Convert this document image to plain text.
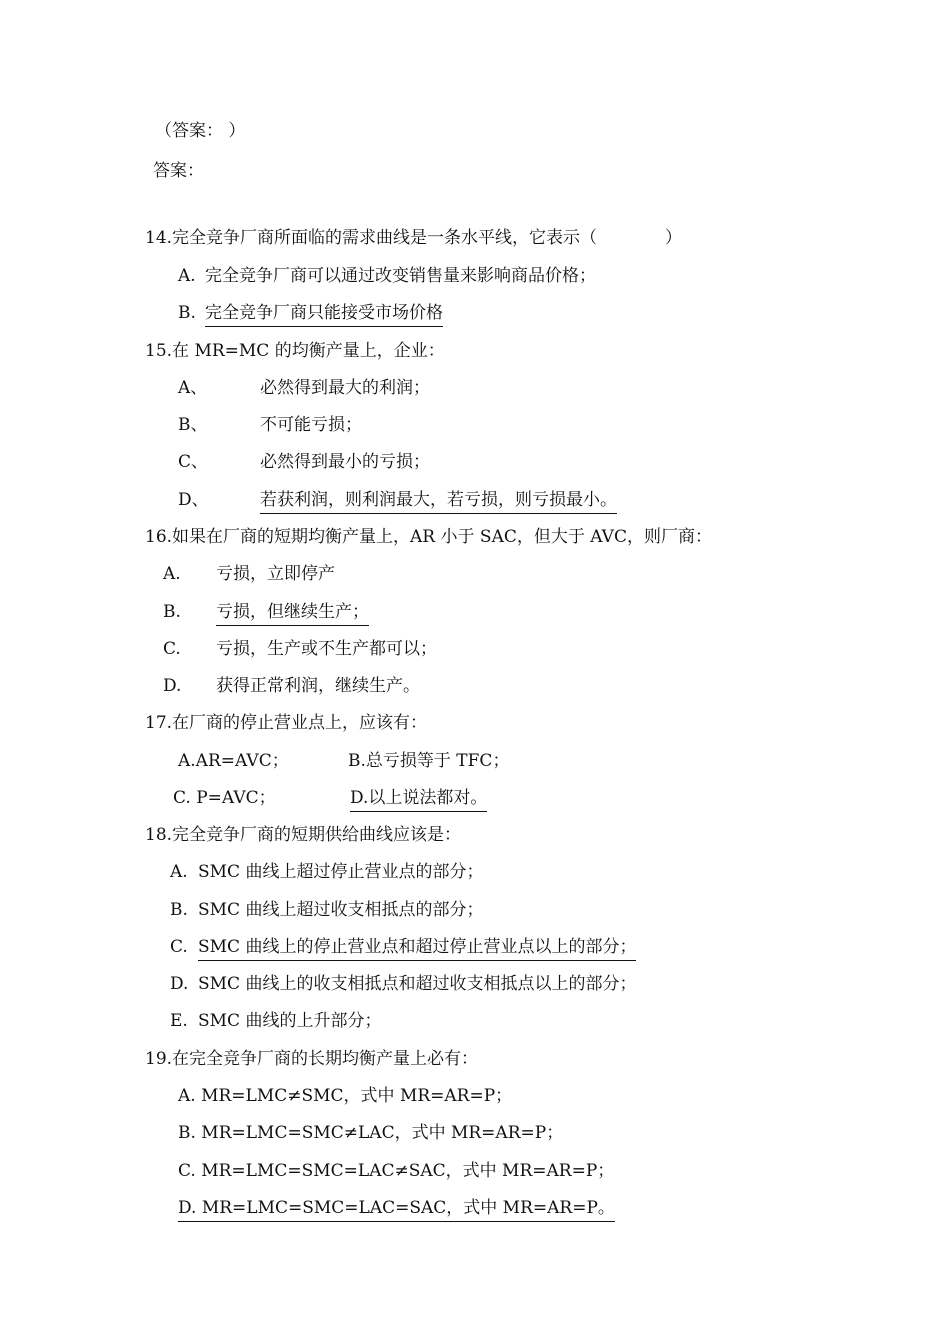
（答案： ）
答案：
14.完全竞争厂商所面临的需求曲线是一条水平线，它表示（　　　　）
A. 完全竞争厂商可以通过改变销售量来影响商品价格；
B. 完全竞争厂商只能接受市场价格
15.在 MR=MC 的均衡产量上，企业：
A、	必然得到最大的利润；
B、	不可能亏损；
C、	必然得到最小的亏损；
D、	若获利润，则利润最大，若亏损，则亏损最小。
16.如果在厂商的短期均衡产量上，AR 小于 SAC，但大于 AVC，则厂商：
A. 亏损，立即停产
B. 亏损，但继续生产；
C. 亏损，生产或不生产都可以；
D. 获得正常利润，继续生产。
17.在厂商的停止营业点上，应该有：
A.AR=AVC；	B.总亏损等于 TFC；
C. P=AVC；	D.以上说法都对。
18.完全竞争厂商的短期供给曲线应该是：
A. SMC 曲线上超过停止营业点的部分；
B. SMC 曲线上超过收支相抵点的部分；
C. SMC 曲线上的停止营业点和超过停止营业点以上的部分；
D. SMC 曲线上的收支相抵点和超过收支相抵点以上的部分；
E. SMC 曲线的上升部分；
19.在完全竞争厂商的长期均衡产量上必有：
A. MR=LMC≠SMC，式中 MR=AR=P；
B. MR=LMC=SMC≠LAC，式中 MR=AR=P；
C. MR=LMC=SMC=LAC≠SAC，式中 MR=AR=P；
D. MR=LMC=SMC=LAC=SAC，式中 MR=AR=P。
